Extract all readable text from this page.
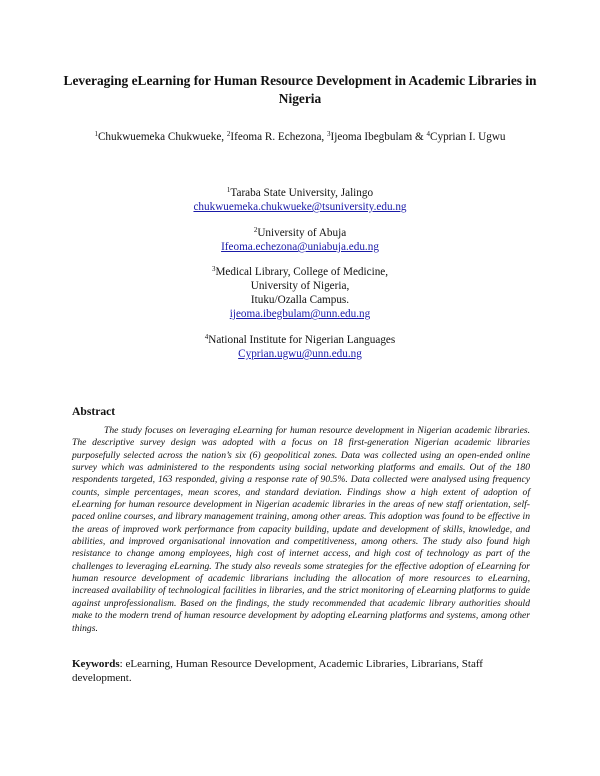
Leveraging eLearning for Human Resource Development in Academic Libraries in Nigeria
$^1$Chukwuemeka Chukwueke, $^2$Ifeoma R. Echezona, $^3$Ijeoma Ibegbulam & $^4$Cyprian I. Ugwu
$^1$Taraba State University, Jalingo
chukwuemeka.chukwueke@tsuniversity.edu.ng
$^2$University of Abuja
Ifeoma.echezona@uniabuja.edu.ng
$^3$Medical Library, College of Medicine,
University of Nigeria,
Ituku/Ozalla Campus.
ijeoma.ibegbulam@unn.edu.ng
$^4$National Institute for Nigerian Languages
Cyprian.ugwu@unn.edu.ng
Abstract
The study focuses on leveraging eLearning for human resource development in Nigerian academic libraries. The descriptive survey design was adopted with a focus on 18 first-generation Nigerian academic libraries purposefully selected across the nation’s six (6) geopolitical zones. Data was collected using an open-ended online survey which was administered to the respondents using social networking platforms and emails. Out of the 180 respondents targeted, 163 responded, giving a response rate of 90.5%. Data collected were analysed using frequency counts, simple percentages, mean scores, and standard deviation. Findings show a high extent of adoption of eLearning for human resource development in Nigerian academic libraries in the areas of new staff orientation, self-paced online courses, and library management training, among other areas. This adoption was found to be effective in the areas of improved work performance from capacity building, update and development of skills, knowledge, and abilities, and improved organisational innovation and competitiveness, among others. The study also found high resistance to change among employees, high cost of internet access, and high cost of technology as part of the challenges to leveraging eLearning. The study also reveals some strategies for the effective adoption of eLearning for human resource development of academic librarians including the allocation of more resources to eLearning, increased availability of technological facilities in libraries, and the strict monitoring of eLearning platforms to guide against unprofessionalism. Based on the findings, the study recommended that academic library authorities should make to the modern trend of human resource development by adopting eLearning platforms and systems, among other things.
Keywords: eLearning, Human Resource Development, Academic Libraries, Librarians, Staff development.
